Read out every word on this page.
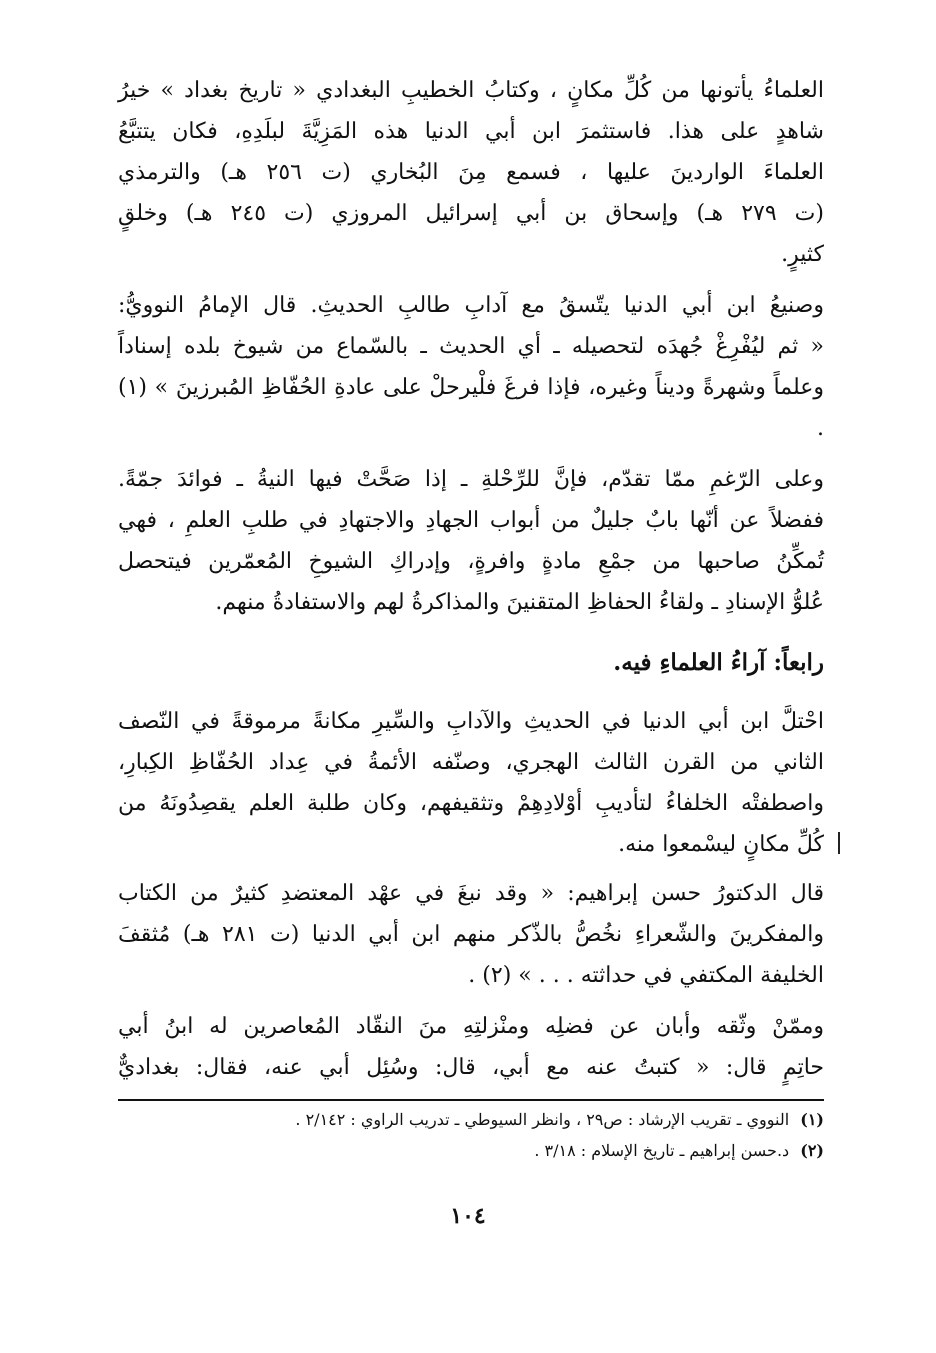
العلماءُ يأتونها من كُلِّ مكانٍ ، وكتابُ الخطيبِ البغدادي « تاريخ بغداد » خيرُ
شاهدٍ على هذا. فاستثمرَ ابن أبي الدنيا هذه المَزِيَّةَ لبلَدِهِ، فكان يتتبَّعُ
العلماءَ الواردينَ عليها ، فسمع مِنَ البُخاري (ت ٢٥٦ هـ) والترمذي
(ت ٢٧٩ هـ) وإسحاق بن أبي إسرائيل المروزي (ت ٢٤٥ هـ) وخلقٍ
كثيرٍ.

وصنيعُ ابن أبي الدنيا يتّسقُ مع آدابِ طالبِ الحديثِ. قال الإمامُ النوويُّ:
« ثم ليُفْرِغْ جُهدَه لتحصيله ـ أي الحديث ـ بالسّماع من شيوخ بلده إسناداً
وعلماً وشهرةً وديناً وغيره، فإذا فرغَ فلْيرحلْ على عادةِ الحُفّاظِ المُبرزينَ » (١) .

وعلى الرّغمِ ممّا تقدّم، فإنَّ للرِّحْلةِ ـ إذا صَحَّتْ فيها النيةُ ـ فوائدَ جمّةً.
ففضلاً عن أنّها بابٌ جليلٌ من أبواب الجهادِ والاجتهادِ في طلبِ العلمِ ، فهي
تُمكِّنُ صاحبها من جمْعِ مادةٍ وافرةٍ، وإدراكِ الشيوخِ المُعمّرين فيتحصل
عُلوُّ الإسنادِ ـ ولقاءُ الحفاظِ المتقنينَ والمذاكرةُ لهم والاستفادةُ منهم.

رابعاً: آراءُ العلماءِ فيه.

احْتلَّ ابن أبي الدنيا في الحديثِ والآدابِ والسِّيرِ مكانةً مرموقةً في النّصف
الثاني من القرن الثالث الهجري، وصنّفه الأئمةُ في عِداد الحُفّاظِ الكِبارِ،
واصطفتْه الخلفاءُ لتأديبِ أوْلادِهِمْ وتثقيفهم، وكان طلبة العلم يقصِدُونَهُ من
كُلِّ مكانٍ ليسْمعوا منه.

قال الدكتورُ حسن إبراهيم: « وقد نبغَ في عهْد المعتضدِ كثيرٌ من الكتاب
والمفكرينَ والشّعراءِ نخُصُّ بالذّكر منهم ابن أبي الدنيا (ت ٢٨١ هـ) مُثقفَ
الخليفة المكتفي في حداثته . . . » (٢) .

وممّنْ وثّقه وأبان عن فضلِه ومنْزلتِهِ منَ النقّاد المُعاصرين له ابنُ أبي
حاتِمٍ قال: « كتبتُ عنه مع أبي، قال: وسُئِل أبي عنه، فقال: بغداديٌّ

(١) النووي ـ تقريب الإرشاد : ص٢٩ ، وانظر السيوطي ـ تدريب الراوي : ٢/١٤٢ .
(٢) د.حسن إبراهيم ـ تاريخ الإسلام : ٣/١٨ .
١٠٤
